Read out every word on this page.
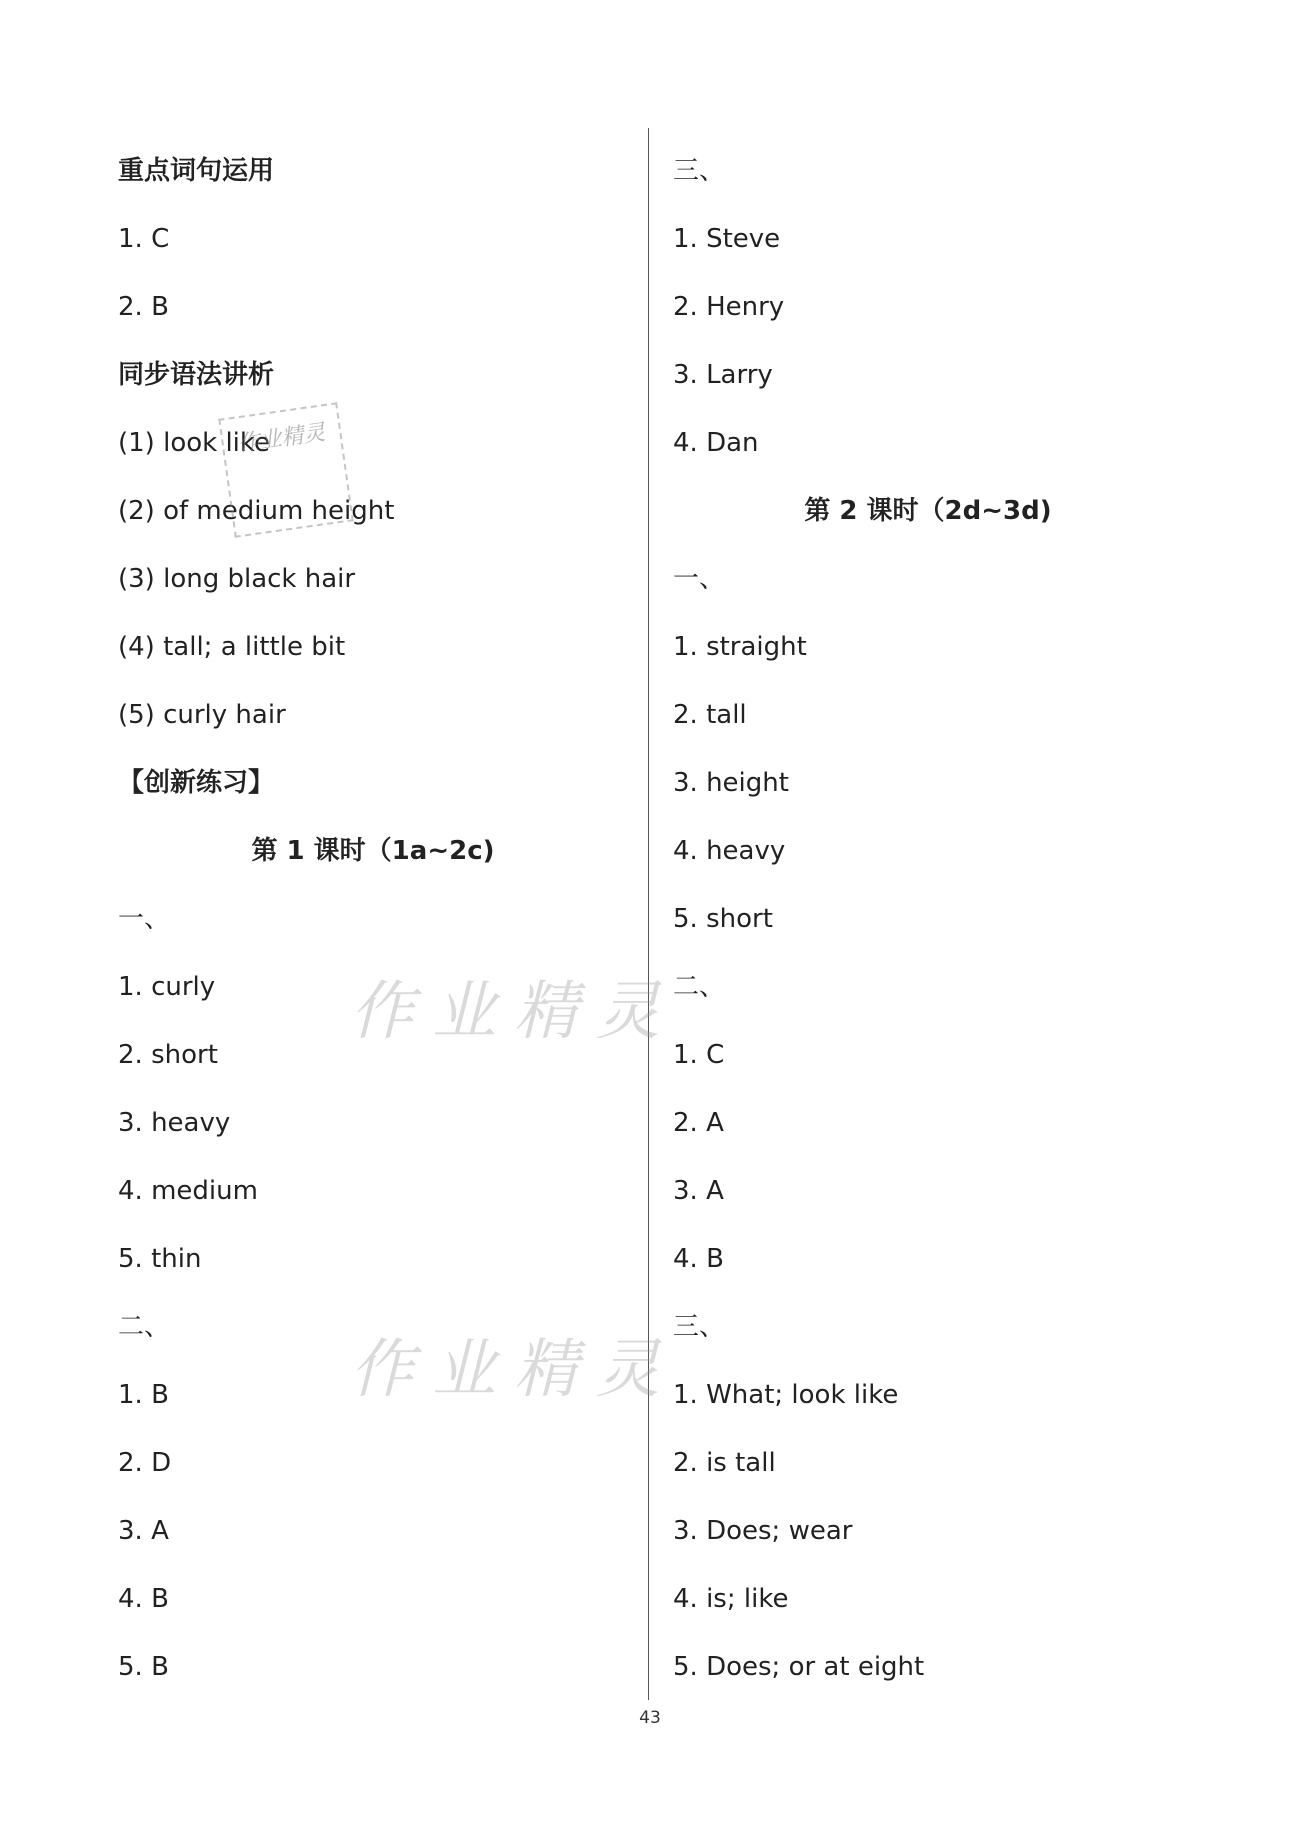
重点词句运用
1. C
2. B
同步语法讲析
(1) look like
(2) of medium height
(3) long black hair
(4) tall; a little bit
(5) curly hair
【创新练习】
第 1 课时（1a~2c)
一、
1. curly
2. short
3. heavy
4. medium
5. thin
二、
1. B
2. D
3. A
4. B
5. B
三、
1. Steve
2. Henry
3. Larry
4. Dan
第 2 课时（2d~3d)
一、
1. straight
2. tall
3. height
4. heavy
5. short
二、
1. C
2. A
3. A
4. B
三、
1. What; look like
2. is tall
3. Does; wear
4. is; like
5. Does; or at eight
作业精灵
作业精灵
作业精灵
43
